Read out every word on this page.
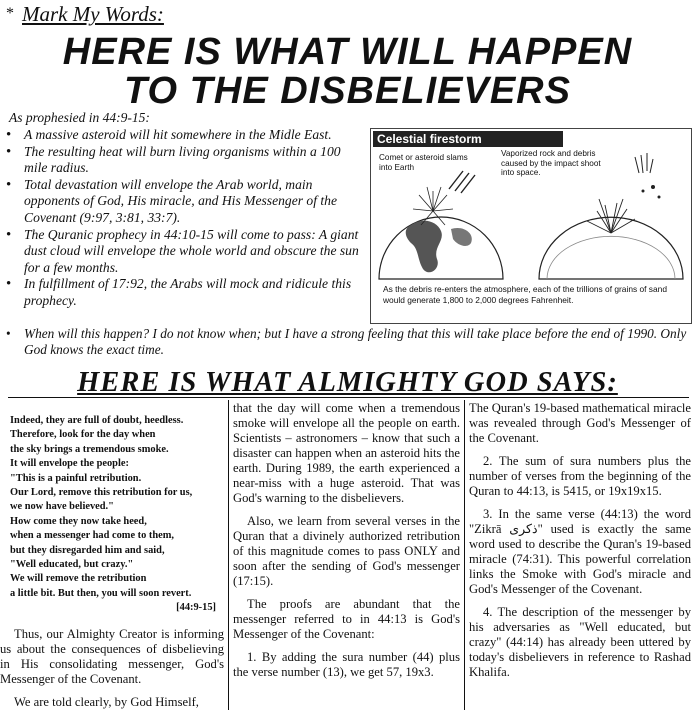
* Mark My Words:
HERE IS WHAT WILL HAPPEN
TO THE DISBELIEVERS
As prophesied in 44:9-15:
• A massive asteroid will hit somewhere in the Midle East.
• The resulting heat will burn living organisms within a 100 mile radius.
• Total devastation will envelope the Arab world, main opponents of God, His miracle, and His Messenger of the Covenant (9:97, 3:81, 33:7).
• The Quranic prophecy in 44:10-15 will come to pass: A giant dust cloud will envelope the whole world and obscure the sun for a few months.
• In fulfillment of 17:92, the Arabs will mock and ridicule this prophecy.
• When will this happen? I do not know when; but I have a strong feeling that this will take place before the end of 1990. Only God knows the exact time.
Celestial firestorm
Comet or asteroid slams into Earth
Vaporized rock and debris caused by the impact shoot into space.
As the debris re-enters the atmosphere, each of the trillions of grains of sand would generate 1,800 to 2,000 degrees Fahrenheit.
HERE IS WHAT ALMIGHTY GOD SAYS:
Indeed, they are full of doubt, heedless.
Therefore, look for the day when
the sky brings a tremendous smoke.
It will envelope the people:
"This is a painful retribution.
Our Lord, remove this retribution for us,
we now have believed."
How come they now take heed,
when a messenger had come to them,
but they disregarded him and said,
"Well educated, but crazy."
We will remove the retribution
a little bit. But then, you will soon revert.
[44:9-15]

Thus, our Almighty Creator is informing us about the consequences of disbelieving in His consolidating messenger, God's Messenger of the Covenant.

We are told clearly, by God Himself,

that the day will come when a tremendous smoke will envelope all the people on earth. Scientists – astronomers – know that such a disaster can happen when an asteroid hits the earth. During 1989, the earth experienced a near-miss with a huge asteroid. That was God's warning to the disbelievers.

Also, we learn from several verses in the Quran that a divinely authorized retribution of this magnitude comes to pass ONLY and soon after the sending of God's messenger (17:15).

The proofs are abundant that the messenger referred to in 44:13 is God's Messenger of the Covenant:

1. By adding the sura number (44) plus the verse number (13), we get 57, 19x3.

The Quran's 19-based mathematical miracle was revealed through God's Messenger of the Covenant.

2. The sum of sura numbers plus the number of verses from the beginning of the Quran to 44:13, is 5415, or 19x19x15.

3. In the same verse (44:13) the word "Zikrā ذكرى" used is exactly the same word used to describe the Quran's 19-based miracle (74:31). This powerful correlation links the Smoke with God's miracle and God's Messenger of the Covenant.

4. The description of the messenger by his adversaries as "Well educated, but crazy" (44:14) has already been uttered by today's disbelievers in reference to Rashad Khalifa.
